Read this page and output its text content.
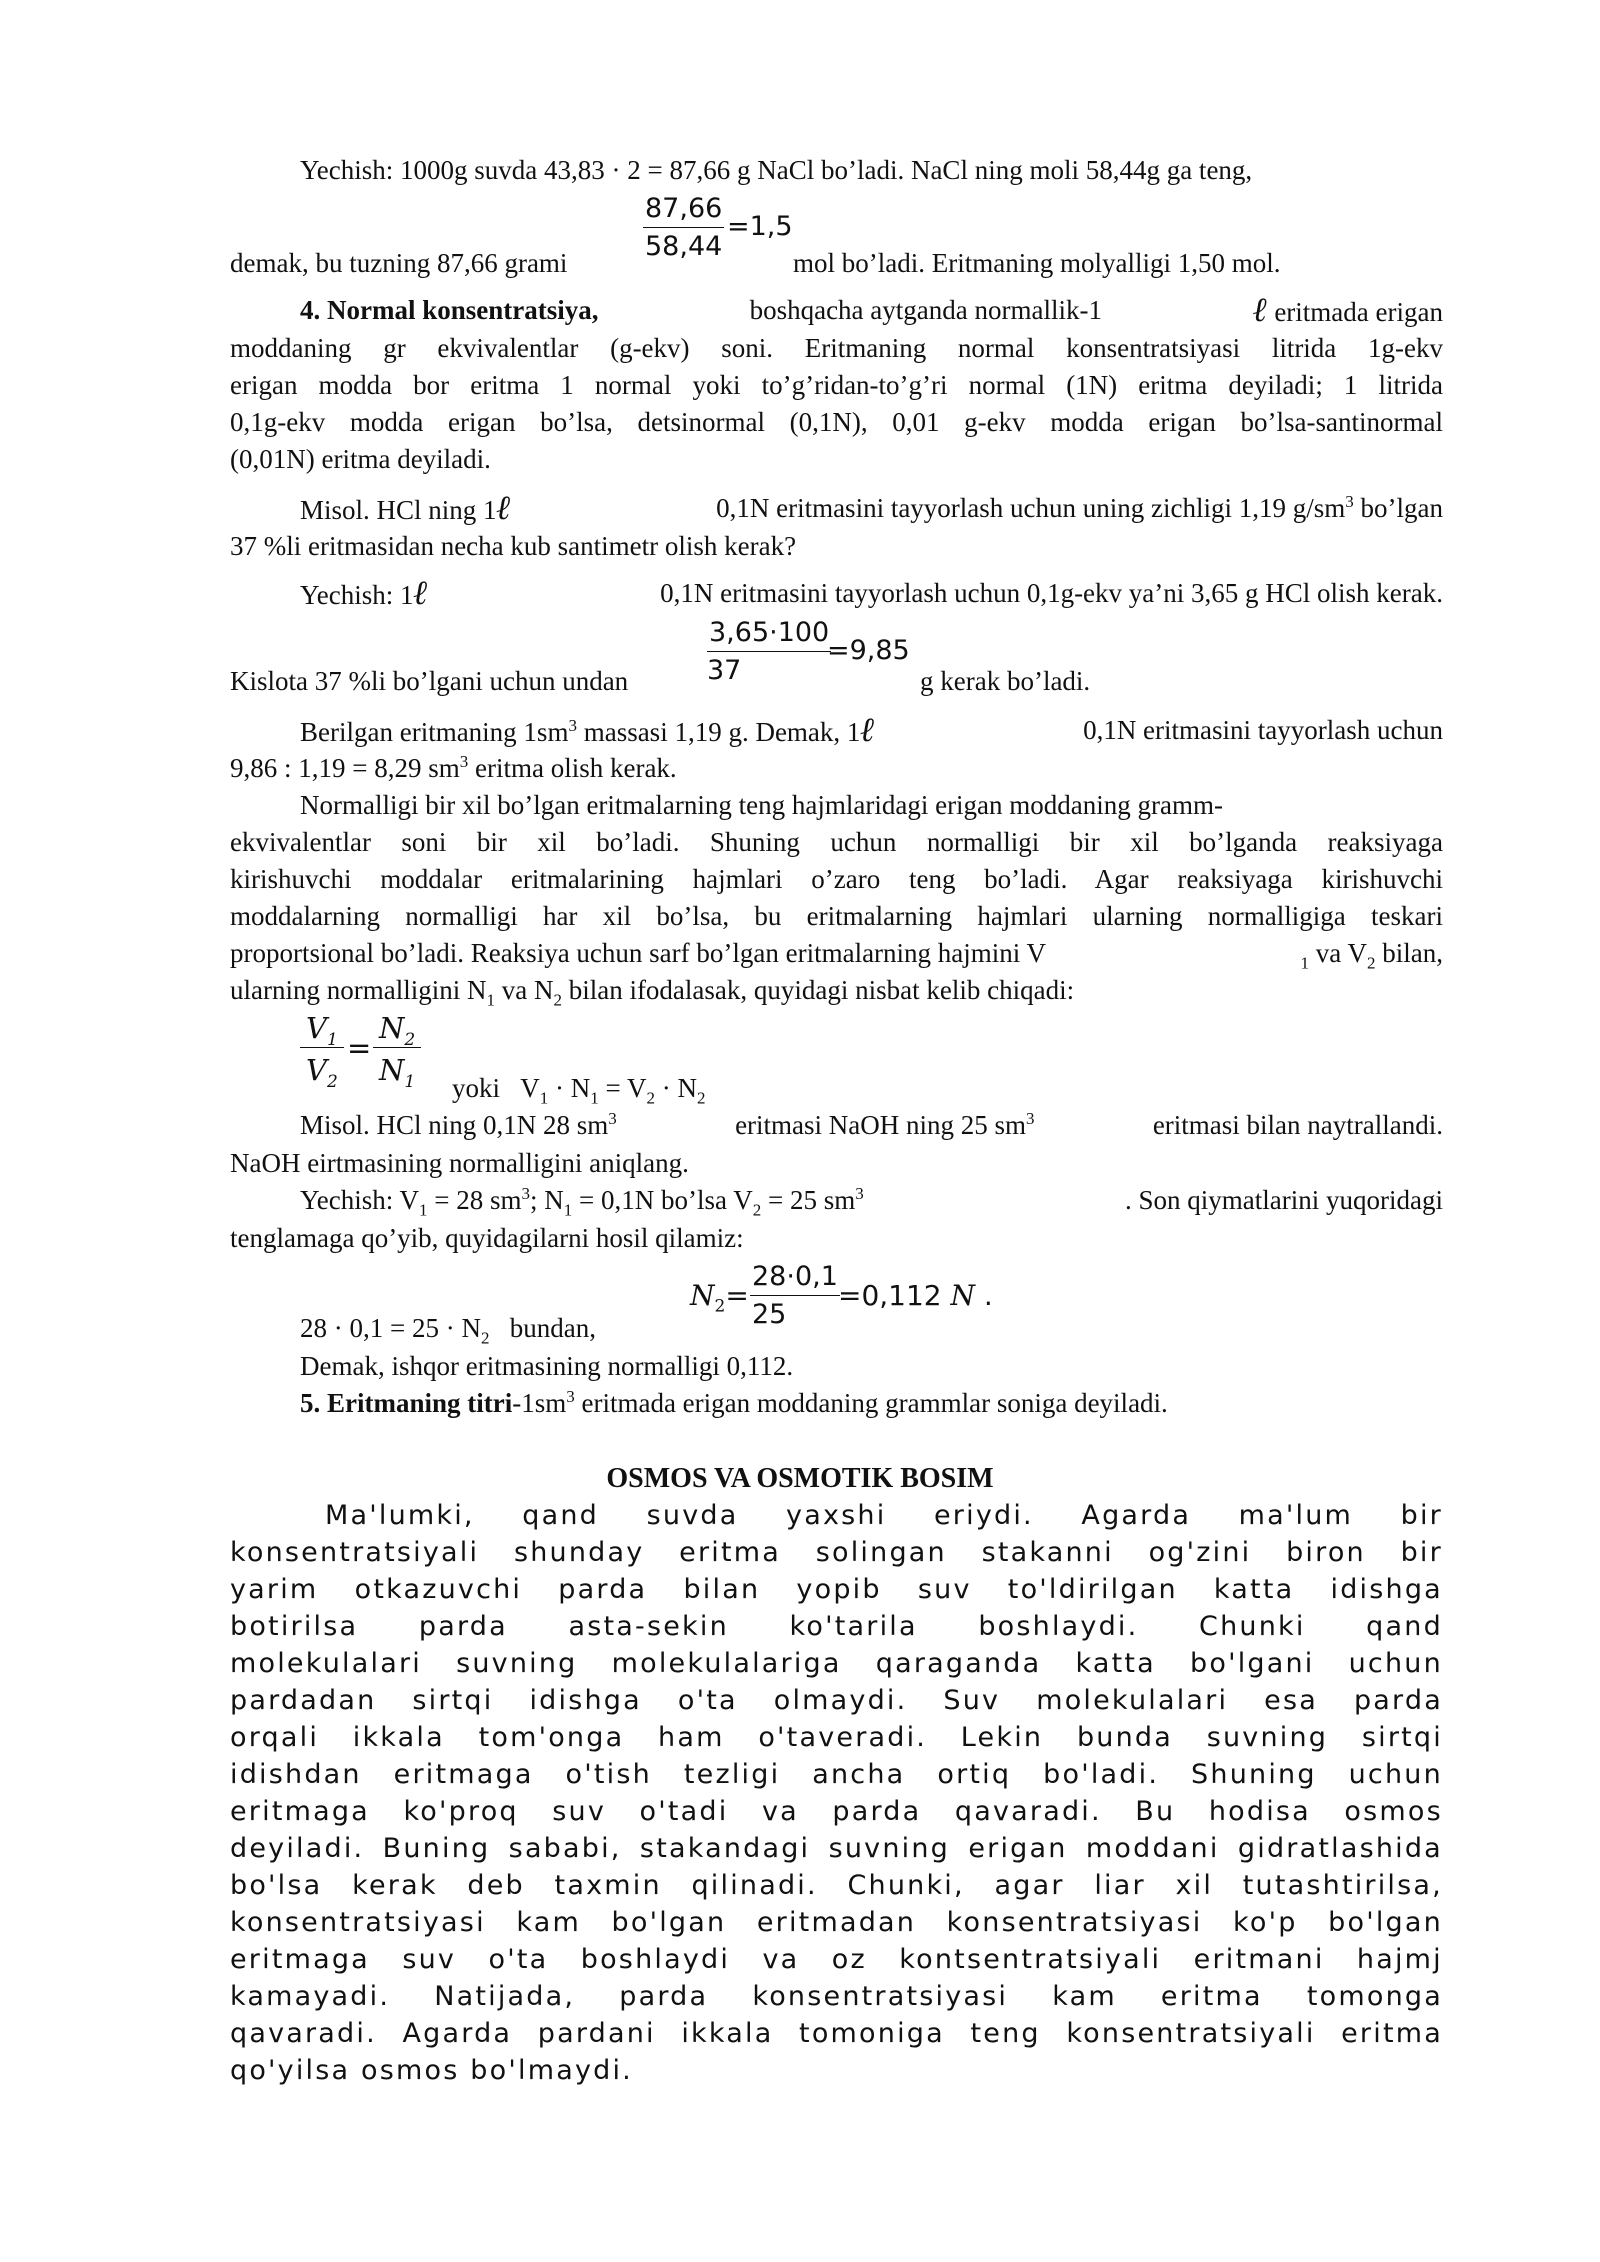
Yechish: 1000g suvda 43,83 · 2 = 87,66 g NaCl bo’ladi. NaCl ning moli 58,44g ga teng,
$\frac{87,66}{58,44} =1,5$
demak, bu tuzning 87,66 grami	mol bo’ladi. Eritmaning molyalligi 1,50 mol.
4. Normal konsentratsiya,	boshqacha aytganda normallik-1	ℓ eritmada erigan
moddaning gr ekvivalentlar (g-ekv) soni. Eritmaning normal konsentratsiyasi litrida 1g-ekv
erigan modda bor eritma 1 normal yoki to’g’ridan-to’g’ri normal (1N) eritma deyiladi; 1 litrida
0,1g-ekv modda erigan bo’lsa, detsinormal (0,1N), 0,01 g-ekv modda erigan bo’lsa-santinormal
(0,01N) eritma deyiladi.
Misol. HCl ning 1ℓ	0,1N eritmasini tayyorlash uchun uning zichligi 1,19 $g/sm^3$ bo’lgan
37 %li eritmasidan necha kub santimetr olish kerak?
Yechish: 1ℓ	0,1N eritmasini tayyorlash uchun 0,1g-ekv ya’ni 3,65 g HCl olish kerak.
$\frac{3,65\cdot 100}{37}$
=9,85
Kislota 37 %li bo’lgani uchun undan	g kerak bo’ladi.
Berilgan eritmaning $1sm^3$ massasi 1,19 g. Demak, 1ℓ	0,1N eritmasini tayyorlash uchun
9,86 : 1,19 = 8,29 $sm^3$ eritma olish kerak.
Normalligi bir xil bo’lgan eritmalarning teng hajmlaridagi erigan moddaning gramm-
ekvivalentlar soni bir xil bo’ladi. Shuning uchun normalligi bir xil bo’lganda reaksiyaga
kirishuvchi moddalar eritmalarining hajmlari o’zaro teng bo’ladi. Agar reaksiyaga kirishuvchi
moddalarning normalligi har xil bo’lsa, bu eritmalarning hajmlari ularning normalligiga teskari
proportsional bo’ladi. Reaksiya uchun sarf bo’lgan eritmalarning hajmini V	$_1$ va $V_2$ bilan,
ularning normalligini $N_1$ va $N_2$ bilan ifodalasak, quyidagi nisbat kelib chiqadi:
$\frac{V_1}{V_2} = \frac{N_2}{N_1}$ yoki $V_1 \cdot N_1 = V_2 \cdot N_2$
Misol. HCl ning 0,1N 28 $sm^3$	eritmasi NaOH ning 25 $sm^3$	eritmasi bilan naytrallandi.
NaOH eirtmasining normalligini aniqlang.
Yechish: $V_1 = 28$ $sm^3$; $N_1 = 0,1N$ bo’lsa $V_2 = 25$ $sm^3$	. Son qiymatlarini yuqoridagi
tenglamaga qo’yib, quyidagilarni hosil qilamiz:
$N_2= \frac{28\cdot 0,1}{25}$
=0,112 N .
$28 \cdot 0,1 = 25 \cdot N_2$ bundan,
Demak, ishqor eritmasining normalligi 0,112.
5. Eritmaning titri-$1sm^3$ eritmada erigan moddaning grammlar soniga deyiladi.
OSMOS VA OSMOTIK BOSIM
Ma'lumki, qand suvda yaxshi eriydi. Agarda ma'lum bir
konsentratsiyali shunday eritma solingan stakanni og'zini biron bir
yarim otkazuvchi parda bilan yopib suv to'ldirilgan katta idishga
botirilsa parda asta-sekin ko'tarila boshlaydi. Chunki qand
molekulalari suvning molekulalariga qaraganda katta bo'lgani uchun
pardadan sirtqi idishga o'ta olmaydi. Suv molekulalari esa parda
orqali ikkala tom'onga ham o'taveradi. Lekin bunda suvning sirtqi
idishdan eritmaga o'tish tezligi ancha ortiq bo'ladi. Shuning uchun
eritmaga ko'proq suv o'tadi va parda qavaradi. Bu hodisa osmos
deyiladi. Buning sababi, stakandagi suvning erigan moddani gidratlashida
bo'lsa kerak deb taxmin qilinadi. Chunki, agar liar xil tutashtirilsa,
konsentratsiyasi kam bo'lgan eritmadan konsentratsiyasi ko'p bo'lgan
eritmaga suv o'ta boshlaydi va oz kontsentratsiyali eritmani hajmj
kamayadi. Natijada, parda konsentratsiyasi kam eritma tomonga
qavaradi. Agarda pardani ikkala tomoniga teng konsentratsiyali eritma
qo'yilsa osmos bo'lmaydi.
